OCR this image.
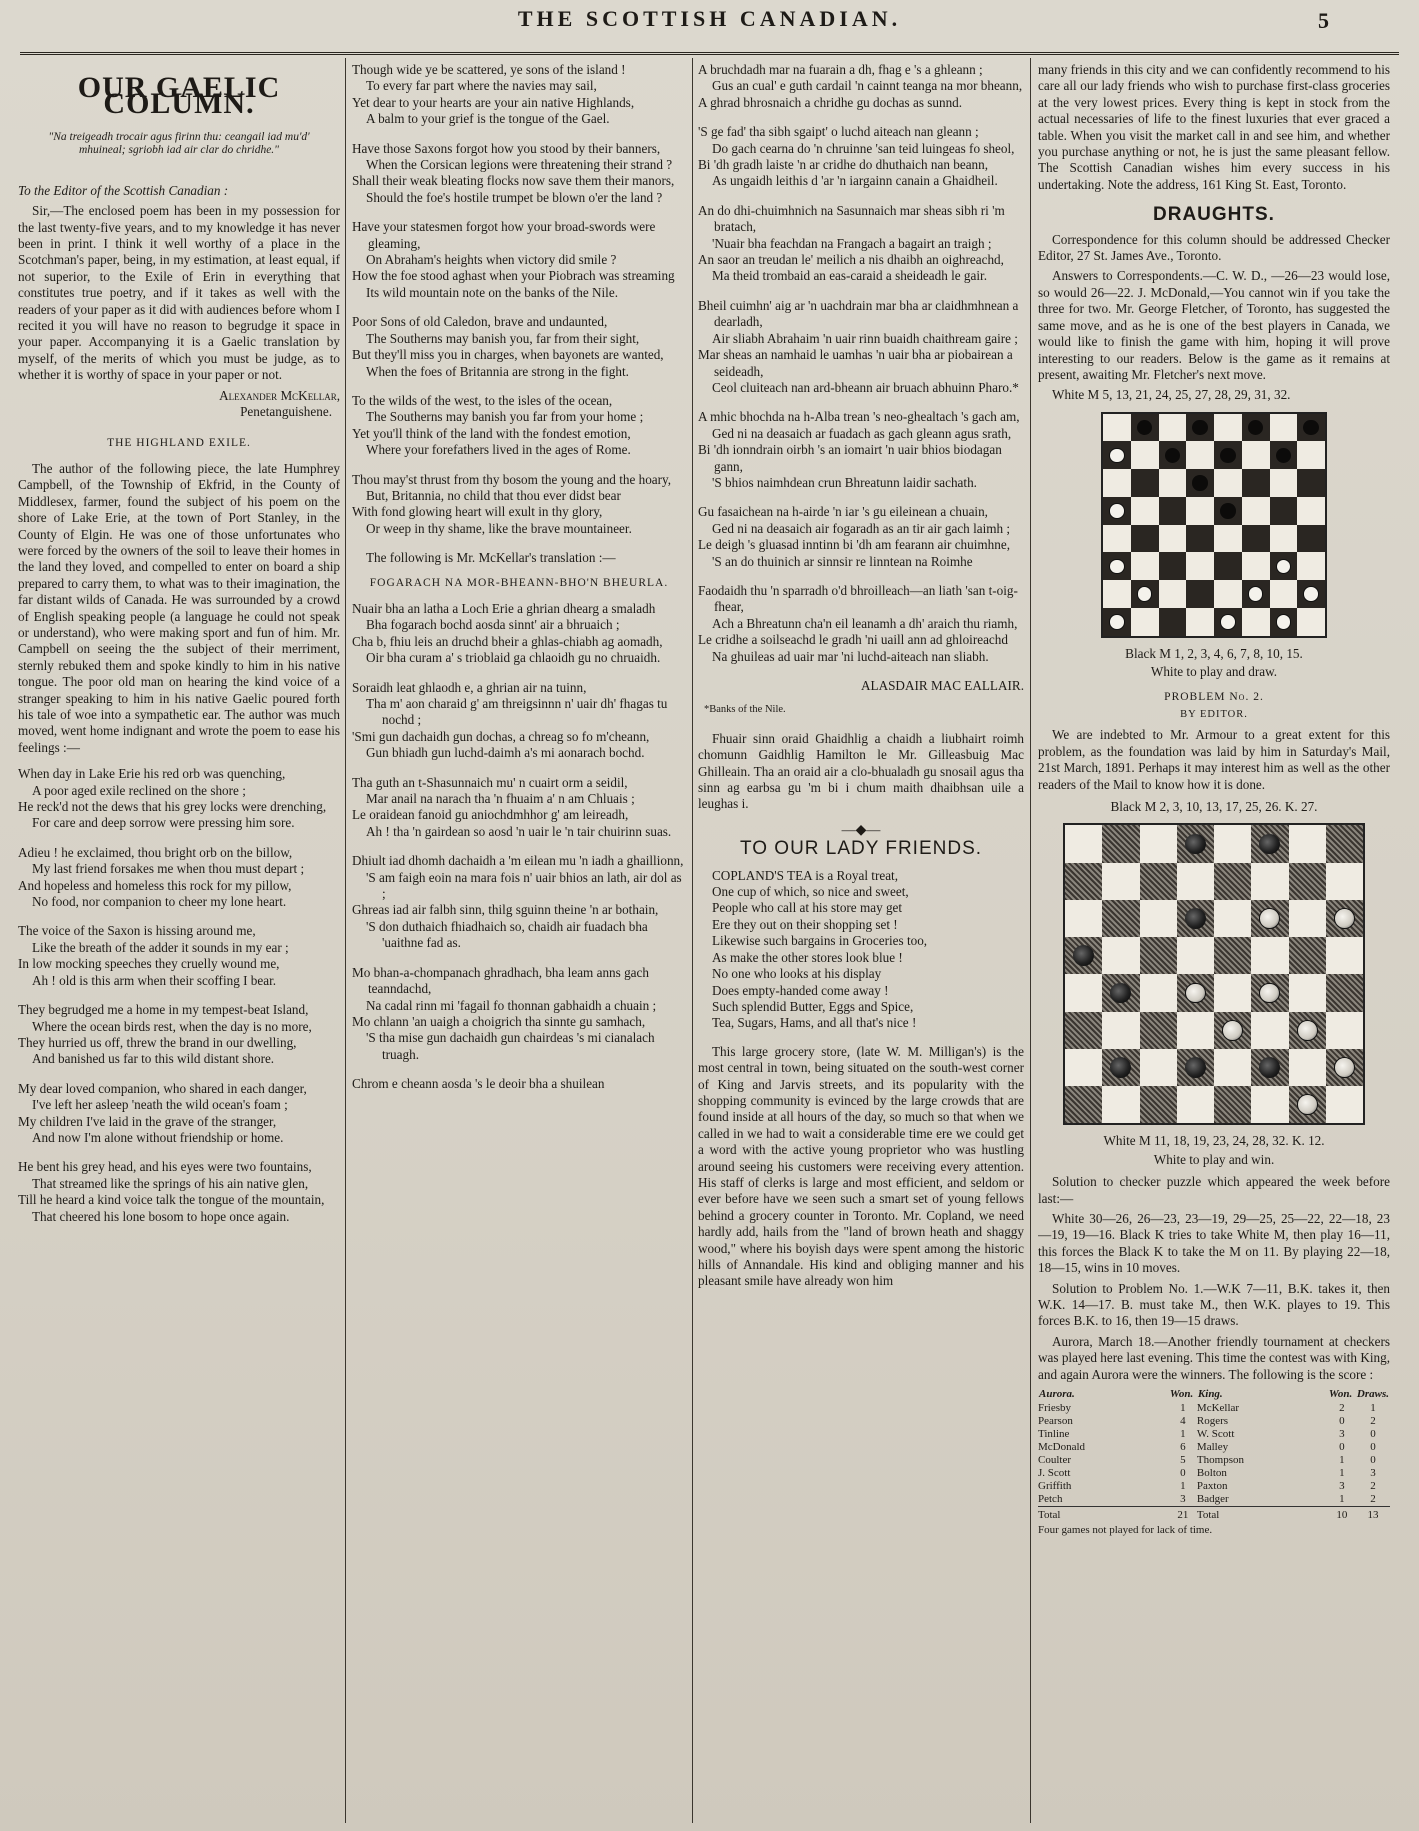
THE SCOTTISH CANADIAN.	5
OUR GAELIC COLUMN.
"Na treigeadh trocair agus firinn thu: ceangail iad mu'd' mhuineal; sgriobh iad air clar do chridhe."
To the Editor of the Scottish Canadian :

Sir,—The enclosed poem has been in my possession for the last twenty-five years, and to my knowledge it has never been in print. I think it well worthy of a place in the Scotchman's paper, being, in my estimation, at least equal, if not superior, to the Exile of Erin in everything that constitutes true poetry, and if it takes as well with the readers of your paper as it did with audiences before whom I recited it you will have no reason to begrudge it space in your paper. Accompanying it is a Gaelic translation by myself, of the merits of which you must be judge, as to whether it is worthy of space in your paper or not.

Alexander McKellar,
Penetanguishene.
THE HIGHLAND EXILE.

The author of the following piece, the late Humphrey Campbell, of the Township of Ekfrid, in the County of Middlesex, farmer, found the subject of his poem on the shore of Lake Erie, at the town of Port Stanley, in the County of Elgin. He was one of those unfortunates who were forced by the owners of the soil to leave their homes in the land they loved, and compelled to enter on board a ship prepared to carry them, to what was to their imagination, the far distant wilds of Canada. He was surrounded by a crowd of English speaking people (a language he could not speak or understand), who were making sport and fun of him. Mr. Campbell on seeing the the subject of their merriment, sternly rebuked them and spoke kindly to him in his native tongue. The poor old man on hearing the kind voice of a stranger speaking to him in his native Gaelic poured forth his tale of woe into a sympathetic ear. The author was much moved, went home indignant and wrote the poem to ease his feelings :—

When day in Lake Erie his red orb was quenching,
A poor aged exile reclined on the shore ;
He reck'd not the dews that his grey locks were drenching,
For care and deep sorrow were pressing him sore.
Adieu ! he exclaimed, thou bright orb on the billow,
My last friend forsakes me when thou must depart ;
And hopeless and homeless this rock for my pillow,
No food, nor companion to cheer my lone heart.
The voice of the Saxon is hissing around me,
Like the breath of the adder it sounds in my ear ;
In low mocking speeches they cruelly wound me,
Ah ! old is this arm when their scoffing I bear.
They begrudged me a home in my tempest-beat Island,
Where the ocean birds rest, when the day is no more,
They hurried us off, threw the brand in our dwelling,
And banished us far to this wild distant shore.
My dear loved companion, who shared in each danger,
I've left her asleep 'neath the wild ocean's foam ;
My children I've laid in the grave of the stranger,
And now I'm alone without friendship or home.
He bent his grey head, and his eyes were two fountains,
That streamed like the springs of his ain native glen,
Till he heard a kind voice talk the tongue of the mountain,
That cheered his lone bosom to hope once again.
Though wide ye be scattered, ye sons of the island !
To every far part where the navies may sail,
Yet dear to your hearts are your ain native Highlands,
A balm to your grief is the tongue of the Gael.
Have those Saxons forgot how you stood by their banners,
When the Corsican legions were threatening their strand ?
Shall their weak bleating flocks now save them their manors,
Should the foe's hostile trumpet be blown o'er the land ?
Have your statesmen forgot how your broad-swords were gleaming,
On Abraham's heights when victory did smile ?
How the foe stood aghast when your Piobrach was streaming
Its wild mountain note on the banks of the Nile.
Poor Sons of old Caledon, brave and undaunted,
The Southerns may banish you, far from their sight,
But they'll miss you in charges, when bayonets are wanted,
When the foes of Britannia are strong in the fight.
To the wilds of the west, to the isles of the ocean,
The Southerns may banish you far from your home ;
Yet you'll think of the land with the fondest emotion,
Where your forefathers lived in the ages of Rome.
Thou may'st thrust from thy bosom the young and the hoary,
But, Britannia, no child that thou ever didst bear
With fond glowing heart will exult in thy glory,
Or weep in thy shame, like the brave mountaineer.

The following is Mr. McKellar's translation :—

FOGARACH NA MOR-BHEANN-BHO'N BHEURLA.
Nuair bha an latha a Loch Erie a ghrian dhearg a smaladh
Bha fogarach bochd aosda sinnt' air a bhruaich ;
Cha b, fhiu leis an druchd bheir a ghlas-chiabh ag aomadh,
Oir bha curam a' s trioblaid ga chlaoidh gu no chruaidh.
Soraidh leat ghlaodh e, a ghrian air na tuinn,
Tha m' aon charaid g' am threigsinnn n' uair dh' fhagas tu nochd ;
'Smi gun dachaidh gun dochas, a chreag so fo m'cheann,
Gun bhiadh gun luchd-daimh a's mi aonarach bochd.
Tha guth an t-Shasunnaich mu' n cuairt orm a seidil,
Mar anail na narach tha 'n fhuaim a' n am Chluais ;
Le oraidean fanoid gu aniochdmhhor g' am leireadh,
Ah ! tha 'n gairdean so aosd 'n uair le 'n tair chuirinn suas.
Dhiult iad dhomh dachaidh a 'm eilean mu 'n iadh a ghaillionn,
'S am faigh eoin na mara fois n' uair bhios an lath, air dol as ;
Ghreas iad air falbh sinn, thilg sguinn theine 'n ar bothain,
'S don duthaich fhiadhaich so, chaidh air fuadach bha 'uaithne fad as.
Mo bhan-a-chompanach ghradhach, bha leam anns gach teanndachd,
Na cadal rinn mi 'fagail fo thonnan gabhaidh a chuain ;
Mo chlann 'an uaigh a choigrich tha sinnte gu samhach,
'S tha mise gun dachaidh gun chairdeas 's mi cianalach truagh.
Chrom e cheann aosda 's le deoir bha a shuilean
A bruchdadh mar na fuarain a dh, fhag e 's a ghleann ;
Gus an cual' e guth cardail 'n cainnt teanga na mor bheann,
A ghrad bhrosnaich a chridhe gu dochas as sunnd.
'S ge fad' tha sibh sgaipt' o luchd aiteach nan gleann ;
Do gach cearna do 'n chruinne 'san teid luingeas fo sheol,
Bi 'dh gradh laiste 'n ar cridhe do dhuthaich nan beann,
As ungaidh leithis d 'ar 'n iargainn canain a Ghaidheil.
An do dhi-chuimhnich na Sasunnaich mar sheas sibh ri 'm bratach,
'Nuair bha feachdan na Frangach a bagairt an traigh ;
An saor an treudan le' meilich a nis dhaibh an oighreachd,
Ma theid trombaid an eas-caraid a sheideadh le gair.
Bheil cuimhn' aig ar 'n uachdrain mar bha ar claidhmhnean a dearladh,
Air sliabh Abrahaim 'n uair rinn buaidh chaithream gaire ;
Mar sheas an namhaid le uamhas 'n uair bha ar piobairean a seideadh,
Ceol cluiteach nan ard-bheann air bruach abhuinn Pharo.*
A mhic bhochda na h-Alba trean 's neo-ghealtach 's gach am,
Ged ni na deasaich ar fuadach as gach gleann agus srath,
Bi 'dh ionndrain oirbh 's an iomairt 'n uair bhios biodagan gann,
'S bhios naimhdean crun Bhreatunn laidir sachath.
Gu fasaichean na h-airde 'n iar 's gu eileinean a chuain,
Ged ni na deasaich air fogaradh as an tir air gach laimh ;
Le deigh 's gluasad inntinn bi 'dh am fearann air chuimhne,
'S an do thuinich ar sinnsir re linntean na Roimhe
Faodaidh thu 'n sparradh o'd bhroilleach—an liath 'san t-oig-fhear,
Ach a Bhreatunn cha'n eil leanamh a dh' araich thu riamh,
Le cridhe a soilseachd le gradh 'ni uaill ann ad ghloireachd
Na ghuileas ad uair mar 'ni luchd-aiteach nan sliabh.
ALASDAIR MAC EALLAIR.
*Banks of the Nile.

Fhuair sinn oraid Ghaidhlig a chaidh a liubhairt roimh chomunn Gaidhlig Hamilton le Mr. Gilleasbuig Mac Ghilleain. Tha an oraid air a clo-bhualadh gu snosail agus tha sinn ag earbsa gu 'm bi i chum maith dhaibhsan uile a leughas i.

—◆—
TO OUR LADY FRIENDS.
COPLAND'S TEA is a Royal treat,
One cup of which, so nice and sweet,
People who call at his store may get
Ere they out on their shopping set !
Likewise such bargains in Groceries too,
As make the other stores look blue !
No one who looks at his display
Does empty-handed come away !
Such splendid Butter, Eggs and Spice,
Tea, Sugars, Hams, and all that's nice !

This large grocery store, (late W. M. Milligan's) is the most central in town, being situated on the south-west corner of King and Jarvis streets, and its popularity with the shopping community is evinced by the large crowds that are found inside at all hours of the day, so much so that when we called in we had to wait a considerable time ere we could get a word with the active young proprietor who was hustling around seeing his customers were receiving every attention. His staff of clerks is large and most efficient, and seldom or ever before have we seen such a smart set of young fellows behind a grocery counter in Toronto. Mr. Copland, we need hardly add, hails from the "land of brown heath and shaggy wood," where his boyish days were spent among the historic hills of Annandale. His kind and obliging manner and his pleasant smile have already won him

many friends in this city and we can confidently recommend to his care all our lady friends who wish to purchase first-class groceries at the very lowest prices. Every thing is kept in stock from the actual necessaries of life to the finest luxuries that ever graced a table. When you visit the market call in and see him, and whether you purchase anything or not, he is just the same pleasant fellow. The Scottish Canadian wishes him every success in his undertaking. Note the address, 161 King St. East, Toronto.

DRAUGHTS.

Correspondence for this column should be addressed Checker Editor, 27 St. James Ave., Toronto.

Answers to Correspondents.—C. W. D., —26—23 would lose, so would 26—22. J. McDonald,—You cannot win if you take the three for two. Mr. George Fletcher, of Toronto, has suggested the same move, and as he is one of the best players in Canada, we would like to finish the game with him, hoping it will prove interesting to our readers. Below is the game as it remains at present, awaiting Mr. Fletcher's next move.

White M 5, 13, 21, 24, 25, 27, 28, 29, 31, 32.

Black M 1, 2, 3, 4, 6, 7, 8, 10, 15.
White to play and draw.
PROBLEM No. 2.
BY EDITOR.

We are indebted to Mr. Armour to a great extent for this problem, as the foundation was laid by him in Saturday's Mail, 21st March, 1891. Perhaps it may interest him as well as the other readers of the Mail to know how it is done.

Black M 2, 3, 10, 13, 17, 25, 26. K. 27.
White M 11, 18, 19, 23, 24, 28, 32. K. 12.
White to play and win.

Solution to checker puzzle which appeared the week before last:—

White 30—26, 26—23, 23—19, 29—25, 25—22, 22—18, 23—19, 19—16. Black K tries to take White M, then play 16—11, this forces the Black K to take the M on 11. By playing 22—18, 18—15, wins in 10 moves.

Solution to Problem No. 1.—W.K 7—11, B.K. takes it, then W.K. 14—17. B. must take M., then W.K. playes to 19. This forces B.K. to 16, then 19—15 draws.

Aurora, March 18.—Another friendly tournament at checkers was played here last evening. This time the contest was with King, and again Aurora were the winners. The following is the score :

Aurora.	Won.	King.	Won.	Draws.
Friesby	1	McKellar	2	1
Pearson	4	Rogers	0	2
Tinline	1	W. Scott	3	0
McDonald	6	Malley	0	0
Coulter	5	Thompson	1	0
J. Scott	0	Bolton	1	3
Griffith	1	Paxton	3	2
Petch	3	Badger	1	2
Total	21	Total	10	13
Four games not played for lack of time.
